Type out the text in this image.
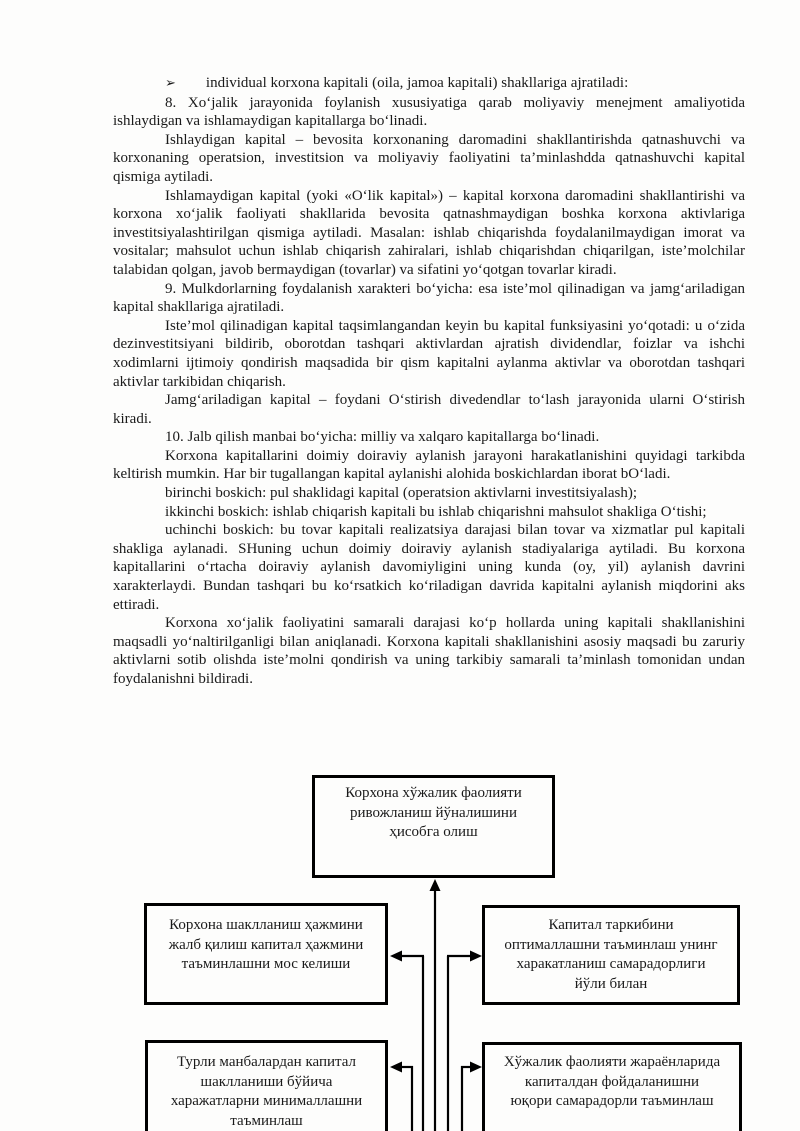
➢ individual korxona kapitali (oila, jamoa kapitali) shakllariga ajratiladi:

8. Xoʻjalik jarayonida foylanish xususiyatiga qarab moliyaviy menejment amaliyotida ishlaydigan va ishlamaydigan kapitallarga boʻlinadi.

Ishlaydigan kapital – bevosita korxonaning daromadini shakllantirishda qatnashuvchi va korxonaning operatsion, investitsion va moliyaviy faoliyatini ta’minlashdda qatnashuvchi kapital qismiga aytiladi.

Ishlamaydigan kapital (yoki «Oʻlik kapital») – kapital korxona daromadini shakllantirishi va korxona xoʻjalik faoliyati shakllarida bevosita qatnashmaydigan boshka korxona aktivlariga investitsiyalashtirilgan qismiga aytiladi. Masalan: ishlab chiqarishda foydalanilmaydigan imorat va vositalar; mahsulot uchun ishlab chiqarish zahiralari, ishlab chiqarishdan chiqarilgan, iste’molchilar talabidan qolgan, javob bermaydigan (tovarlar) va sifatini yoʻqotgan tovarlar kiradi.

9. Mulkdorlarning foydalanish xarakteri boʻyicha: esa iste’mol qilinadigan va jamgʻariladigan kapital shakllariga ajratiladi.

Iste’mol qilinadigan kapital taqsimlangandan keyin bu kapital funksiyasini yoʻqotadi: u oʻzida dezinvestitsiyani bildirib, oborotdan tashqari aktivlardan ajratish dividendlar, foizlar va ishchi xodimlarni ijtimoiy qondirish maqsadida bir qism kapitalni aylanma aktivlar va oborotdan tashqari aktivlar tarkibidan chiqarish.

Jamgʻariladigan kapital – foydani Oʻstirish divedendlar toʻlash jarayonida ularni Oʻstirish kiradi.

10. Jalb qilish manbai boʻyicha: milliy va xalqaro kapitallarga boʻlinadi.

Korxona kapitallarini doimiy doiraviy aylanish jarayoni harakatlanishini quyidagi tarkibda keltirish mumkin. Har bir tugallangan kapital aylanishi alohida boskichlardan iborat bOʻladi.

birinchi boskich: pul shaklidagi kapital (operatsion aktivlarni investitsiyalash);

ikkinchi boskich: ishlab chiqarish kapitali bu ishlab chiqarishni mahsulot shakliga Oʻtishi;

uchinchi boskich: bu tovar kapitali realizatsiya darajasi bilan tovar va xizmatlar pul kapitali shakliga aylanadi. SHuning uchun doimiy doiraviy aylanish stadiyalariga aytiladi. Bu korxona kapitallarini oʻrtacha doiraviy aylanish davomiyligini uning kunda (oy, yil) aylanish davrini xarakterlaydi. Bundan tashqari bu koʻrsatkich koʻriladigan davrida kapitalni aylanish miqdorini aks ettiradi.

Korxona xoʻjalik faoliyatini samarali darajasi koʻp hollarda uning kapitali shakllanishini maqsadli yoʻnaltirilganligi bilan aniqlanadi. Korxona kapitali shakllanishini asosiy maqsadi bu zaruriy aktivlarni sotib olishda iste’molni qondirish va uning tarkibiy samarali ta’minlash tomonidan undan foydalanishni bildiradi.

Корхона хўжалик фаолияти
ривожланиш йўналишини
ҳисобга олиш
Корхона шаклланиш ҳажмини
жалб қилиш капитал ҳажмини
таъминлашни мос келиши
Капитал таркибини
оптималлашни таъминлаш унинг
харакатланиш самарадорлиги
йўли билан
Турли манбалардан капитал
шаклланиши бўйича
харажатларни минималлашни
таъминлаш
Хўжалик фаолияти жараёнларида
капиталдан фойдаланишни
юқори самарадорли таъминлаш
